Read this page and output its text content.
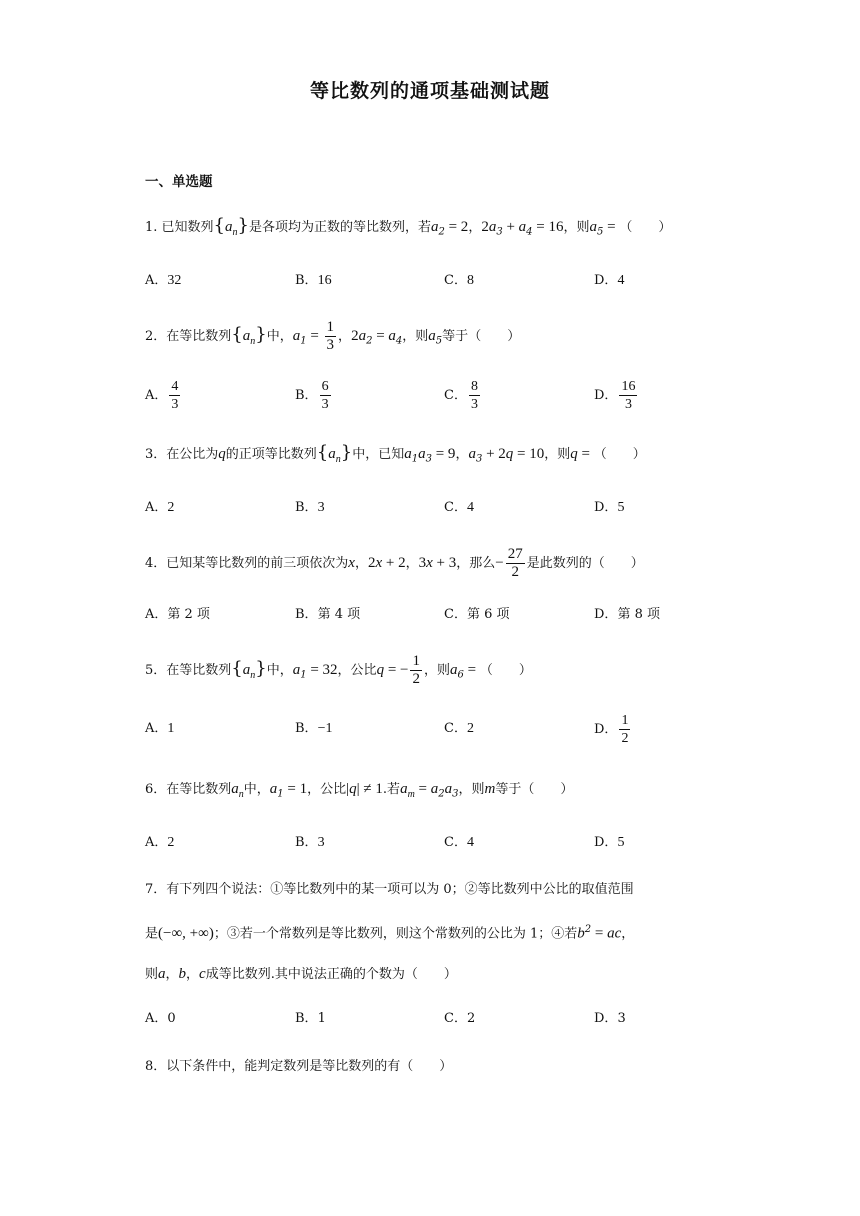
等比数列的通项基础测试题
一、单选题
1. 已知数列$\{a_n\}$是各项均为正数的等比数列，若$a_2 = 2$，$2a_3 + a_4 = 16$，则$a_5$ = （　　）
A．32	B．16	C．8	D．4
2．在等比数列$\{a_n\}$中，$a_1 = \frac{1}{3}$ ，$2a_2 = a_4$，则$a_5$等于（　　）
A． $\frac{4}{3}$	B． $\frac{6}{3}$	C． $\frac{8}{3}$	D． $\frac{16}{3}$
3．在公比为q的正项等比数列$\{a_n\}$中，已知$a_1a_3 = 9$，$a_3 + 2q = 10$，则q = （　　）
A．2	B．3	C．4	D．5
4．已知某等比数列的前三项依次为x，2x + 2，3x + 3，那么− $\frac{27}{2}$ 是此数列的（　　）
A．第 2 项	B．第 4 项	C．第 6 项	D．第 8 项
5．在等比数列$\{a_n\}$中，$a_1 = 32$，公比q = − $\frac{1}{2}$ ，则$a_6$ = （　　）
A．1	B．−1	C．2	D． $\frac{1}{2}$
6．在等比数列$a_n$中，$a_1 = 1$，公比|q| ≠ 1.若$a_m = a_2a_3$，则m等于（　　）
A．2	B．3	C．4	D．5
7．有下列四个说法：①等比数列中的某一项可以为 0；②等比数列中公比的取值范围
是(−∞, +∞)；③若一个常数列是等比数列，则这个常数列的公比为 1；④若$b^2$ = ac，
则a，b，c成等比数列.其中说法正确的个数为（　　）
A．0	B．1	C．2	D．3
8．以下条件中，能判定数列是等比数列的有（　　）
